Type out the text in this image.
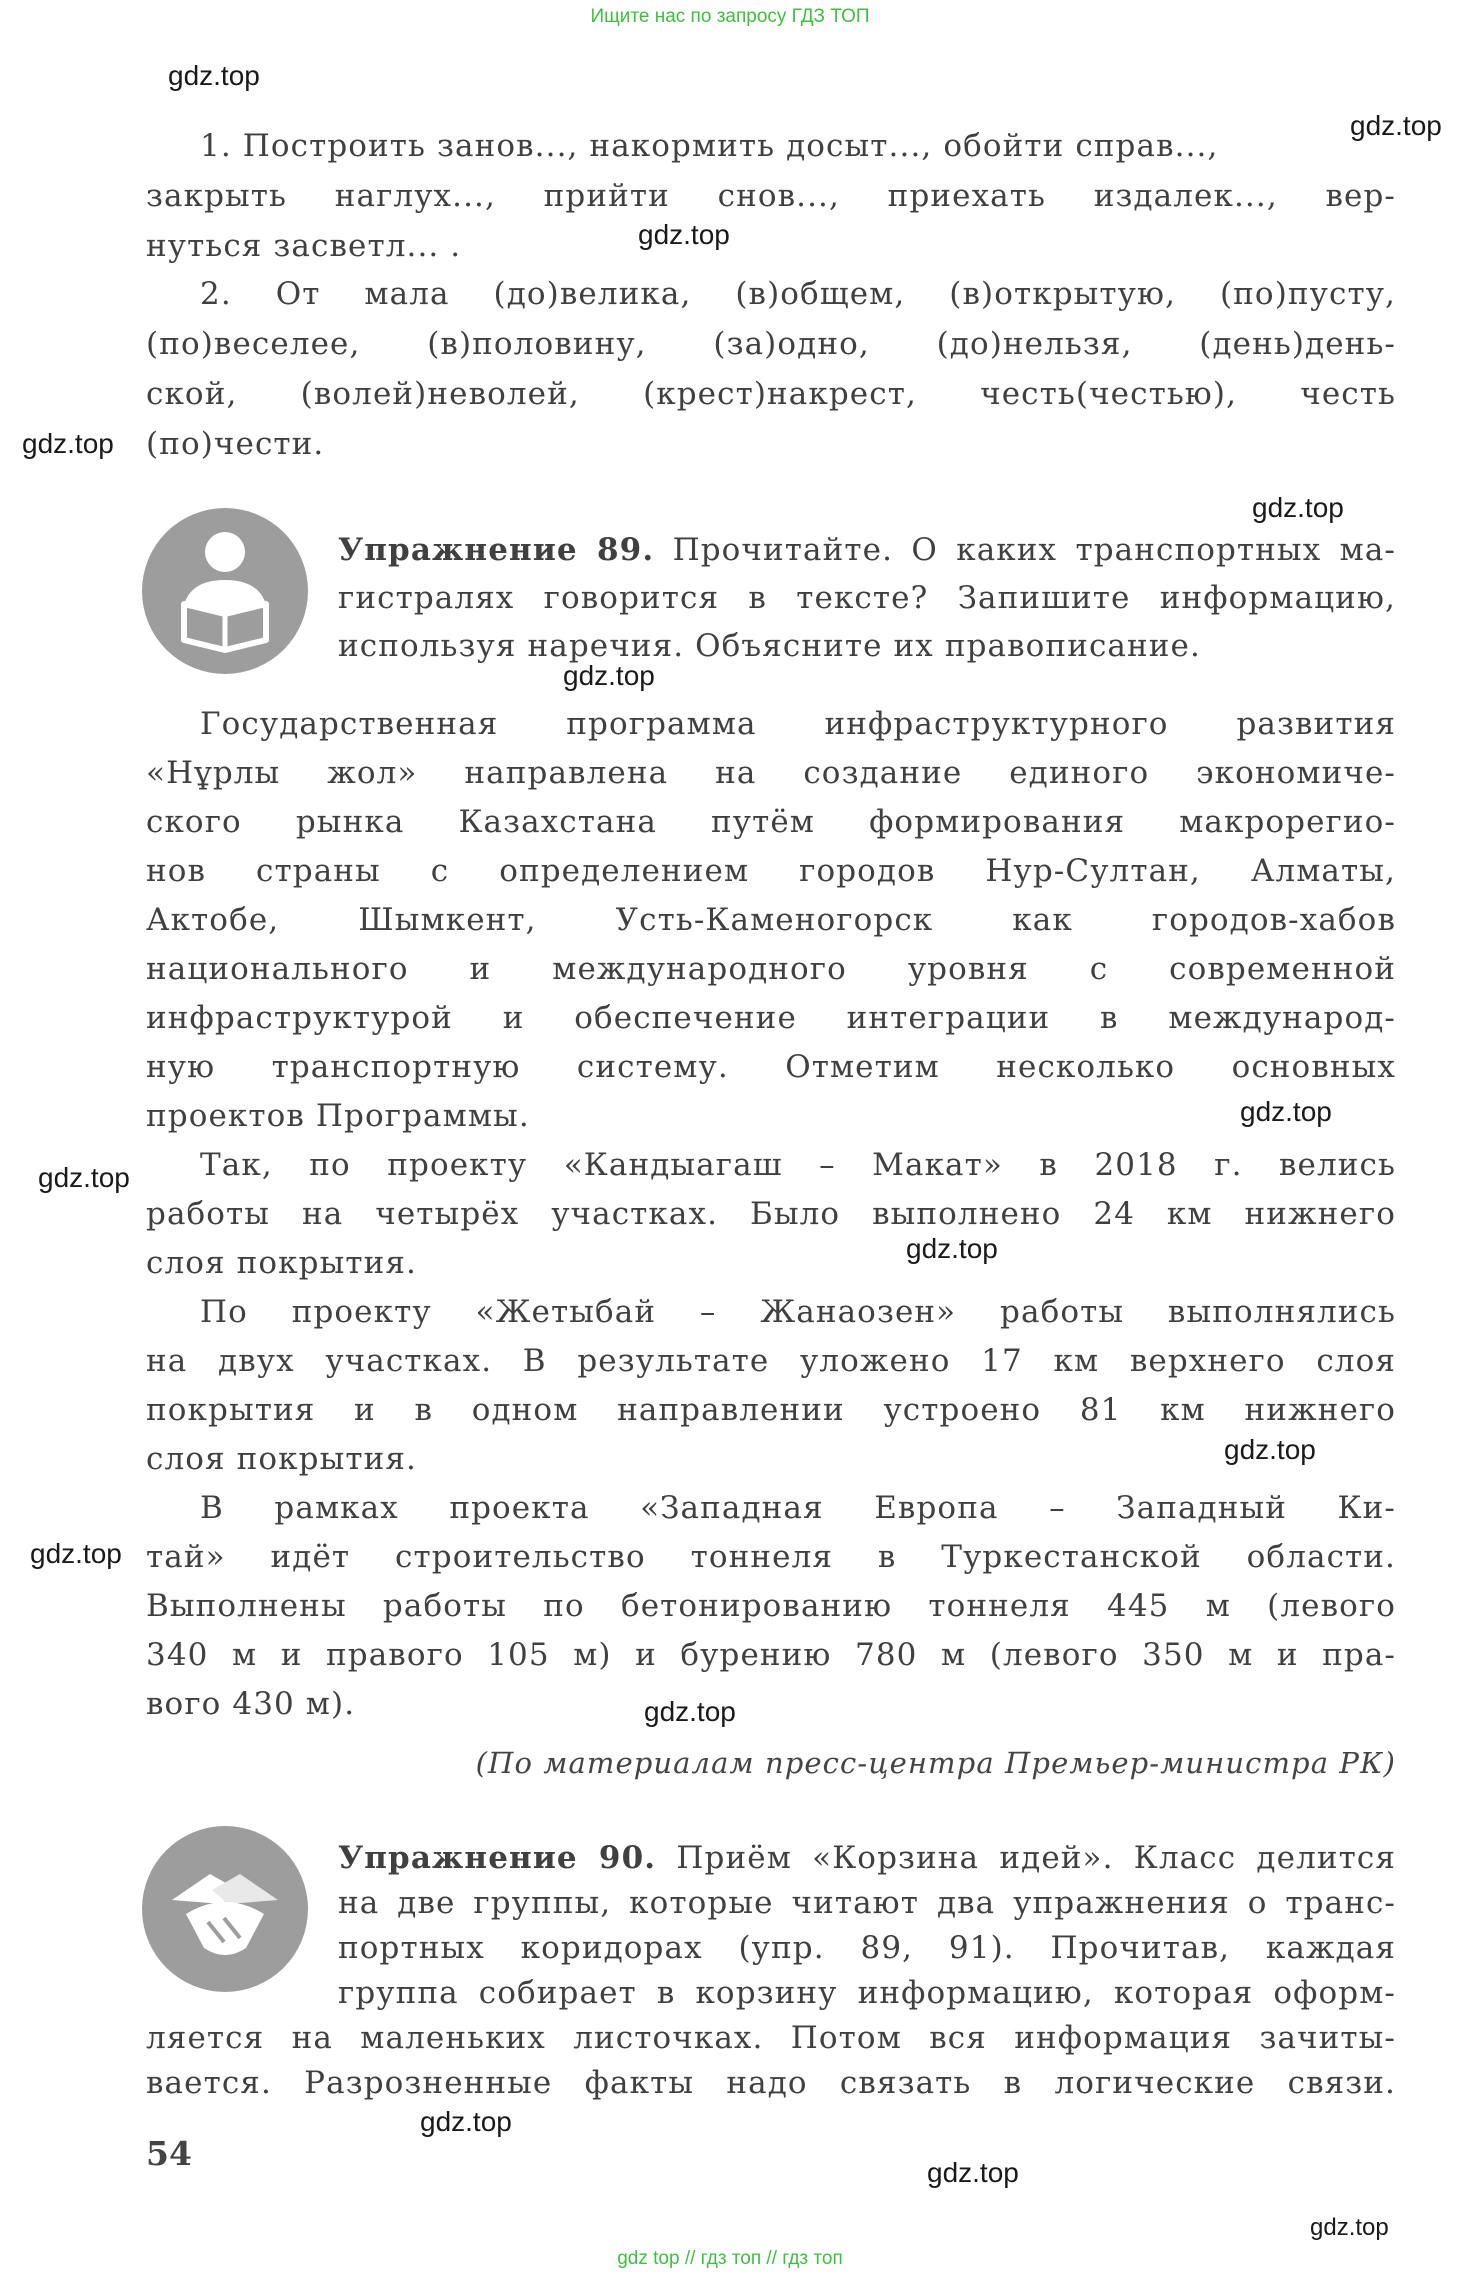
Ищите нас по запросу ГДЗ ТОП
gdz.top
gdz.top
gdz.top
gdz.top
gdz.top
gdz.top
gdz.top
gdz.top
gdz.top
gdz.top
gdz.top
gdz.top
gdz.top
gdz.top
gdz.top
1. Построить занов..., накормить досыт..., обойти справ...,
закрыть наглух..., прийти снов..., приехать издалек..., вер-
нуться засветл... .
2. От мала (до)велика, (в)общем, (в)открытую, (по)пусту,
(по)веселее, (в)половину, (за)одно, (до)нельзя, (день)день-
ской, (волей)неволей, (крест)накрест, честь(честью), честь
(по)чести.
Упражнение 89. Прочитайте. О каких транспортных ма-
гистралях говорится в тексте? Запишите информацию,
используя наречия. Объясните их правописание.
Государственная программа инфраструктурного развития
«Нұрлы жол» направлена на создание единого экономиче-
ского рынка Казахстана путём формирования макрорегио-
нов страны с определением городов Нур-Султан, Алматы,
Актобе, Шымкент, Усть-Каменогорск как городов-хабов
национального и международного уровня с современной
инфраструктурой и обеспечение интеграции в международ-
ную транспортную систему. Отметим несколько основных
проектов Программы.
Так, по проекту «Кандыагаш – Макат» в 2018 г. велись
работы на четырёх участках. Было выполнено 24 км нижнего
слоя покрытия.
По проекту «Жетыбай – Жанаозен» работы выполнялись
на двух участках. В результате уложено 17 км верхнего слоя
покрытия и в одном направлении устроено 81 км нижнего
слоя покрытия.
В рамках проекта «Западная Европа – Западный Ки-
тай» идёт строительство тоннеля в Туркестанской области.
Выполнены работы по бетонированию тоннеля 445 м (левого
340 м и правого 105 м) и бурению 780 м (левого 350 м и пра-
вого 430 м).
(По материалам пресс-центра Премьер-министра РК)
Упражнение 90. Приём «Корзина идей». Класс делится
на две группы, которые читают два упражнения о транс-
портных коридорах (упр. 89, 91). Прочитав, каждая
группа собирает в корзину информацию, которая оформ-
ляется на маленьких листочках. Потом вся информация зачиты-
вается. Разрозненные факты надо связать в логические связи.
54
gdz top // гдз топ // гдз топ
